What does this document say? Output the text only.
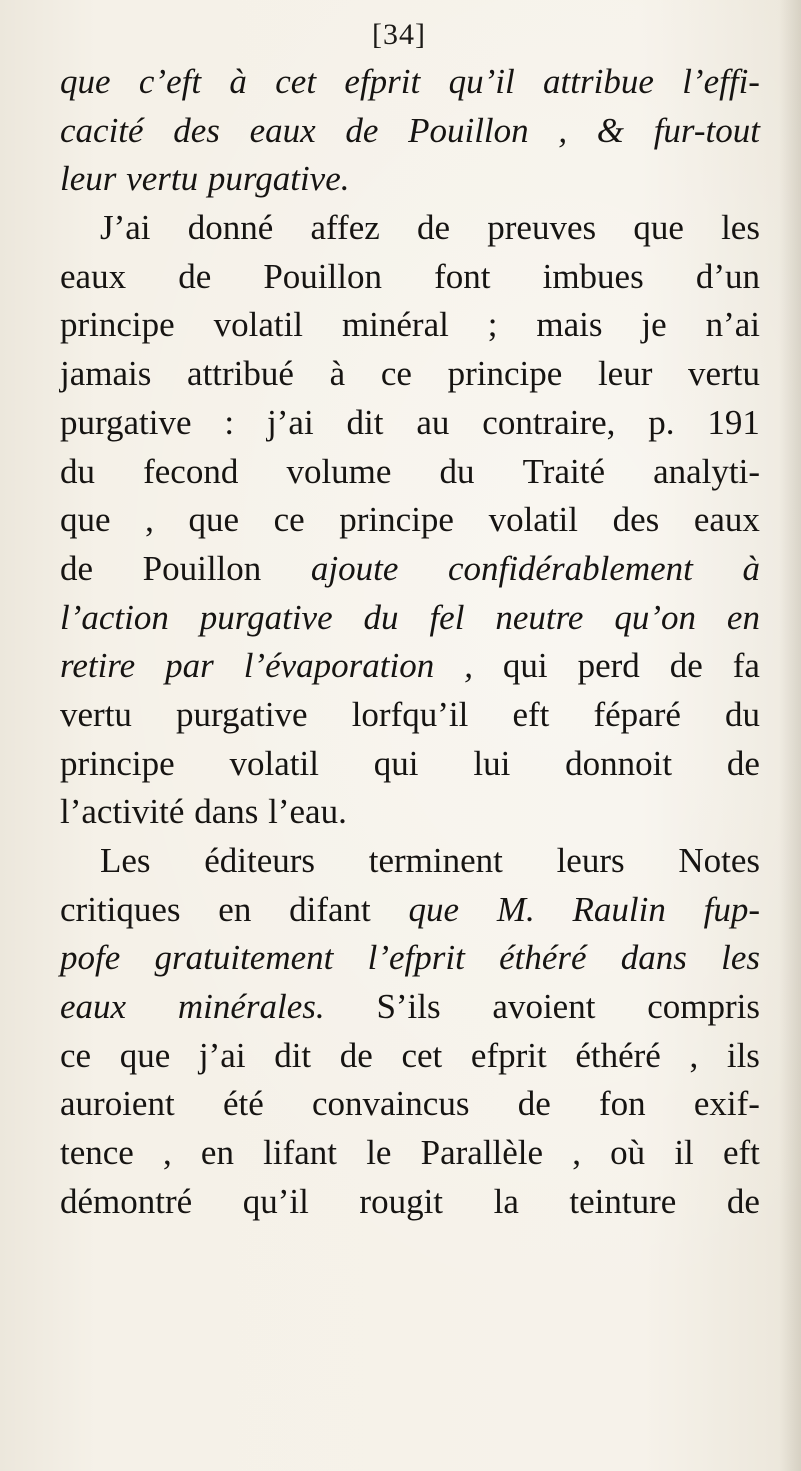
[34]
que c’eft à cet efprit qu’il attribue l’effi-
cacité des eaux de Pouillon , & fur-tout
leur vertu purgative.
J’ai donné affez de preuves que les
eaux de Pouillon font imbues d’un
principe volatil minéral ; mais je n’ai
jamais attribué à ce principe leur vertu
purgative : j’ai dit au contraire, p. 191
du fecond volume du Traité analyti-
que , que ce principe volatil des eaux
de Pouillon ajoute confidérablement à
l’action purgative du fel neutre qu’on en
retire par l’évaporation , qui perd de fa
vertu purgative lorfqu’il eft féparé du
principe volatil qui lui donnoit de
l’activité dans l’eau.
Les éditeurs terminent leurs Notes
critiques en difant que M. Raulin fup-
pofe gratuitement l’efprit éthéré dans les
eaux minérales. S’ils avoient compris
ce que j’ai dit de cet efprit éthéré , ils
auroient été convaincus de fon exif-
tence , en lifant le Parallèle , où il eft
démontré qu’il rougit la teinture de
